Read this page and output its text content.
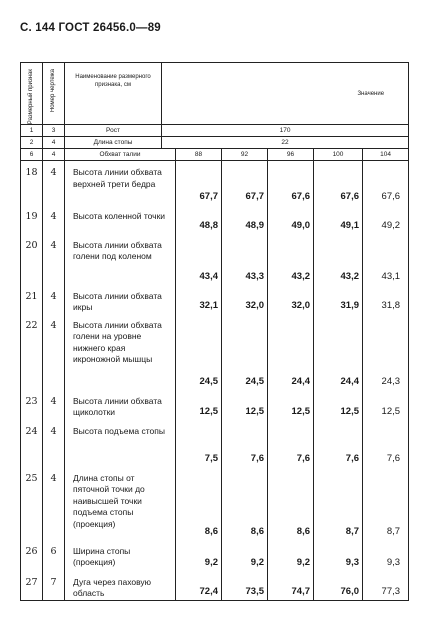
С. 144 ГОСТ 26456.0—89
Размерный признак	Номер чертежа	Наименование размерного признака, см	Значение					
1	3	Рост	170					
2	4	Длина стопы	22					
6	4	Обхват талии		88	92	96	100	104
18	4	Высота линии обхвата верхней трети бедра		67,7	67,7	67,6	67,6	67,6
19	4	Высота коленной точки		48,8	48,9	49,0	49,1	49,2
20	4	Высота линии обхвата голени под коленом		43,4	43,3	43,2	43,2	43,1
21	4	Высота линии обхвата икры		32,1	32,0	32,0	31,9	31,8
22	4	Высота линии обхвата голени на уровне нижнего края икроножной мышцы		24,5	24,5	24,4	24,4	24,3
23	4	Высота линии обхвата щиколотки		12,5	12,5	12,5	12,5	12,5
24	4	Высота подъема стопы		7,5	7,6	7,6	7,6	7,6
25	4	Длина стопы от пяточной точки до наивысшей точки подъема стопы (проекция)		8,6	8,6	8,6	8,7	8,7
26	6	Ширина стопы (проекция)		9,2	9,2	9,2	9,3	9,3
27	7	Дуга через паховую область		72,4	73,5	74,7	76,0	77,3
